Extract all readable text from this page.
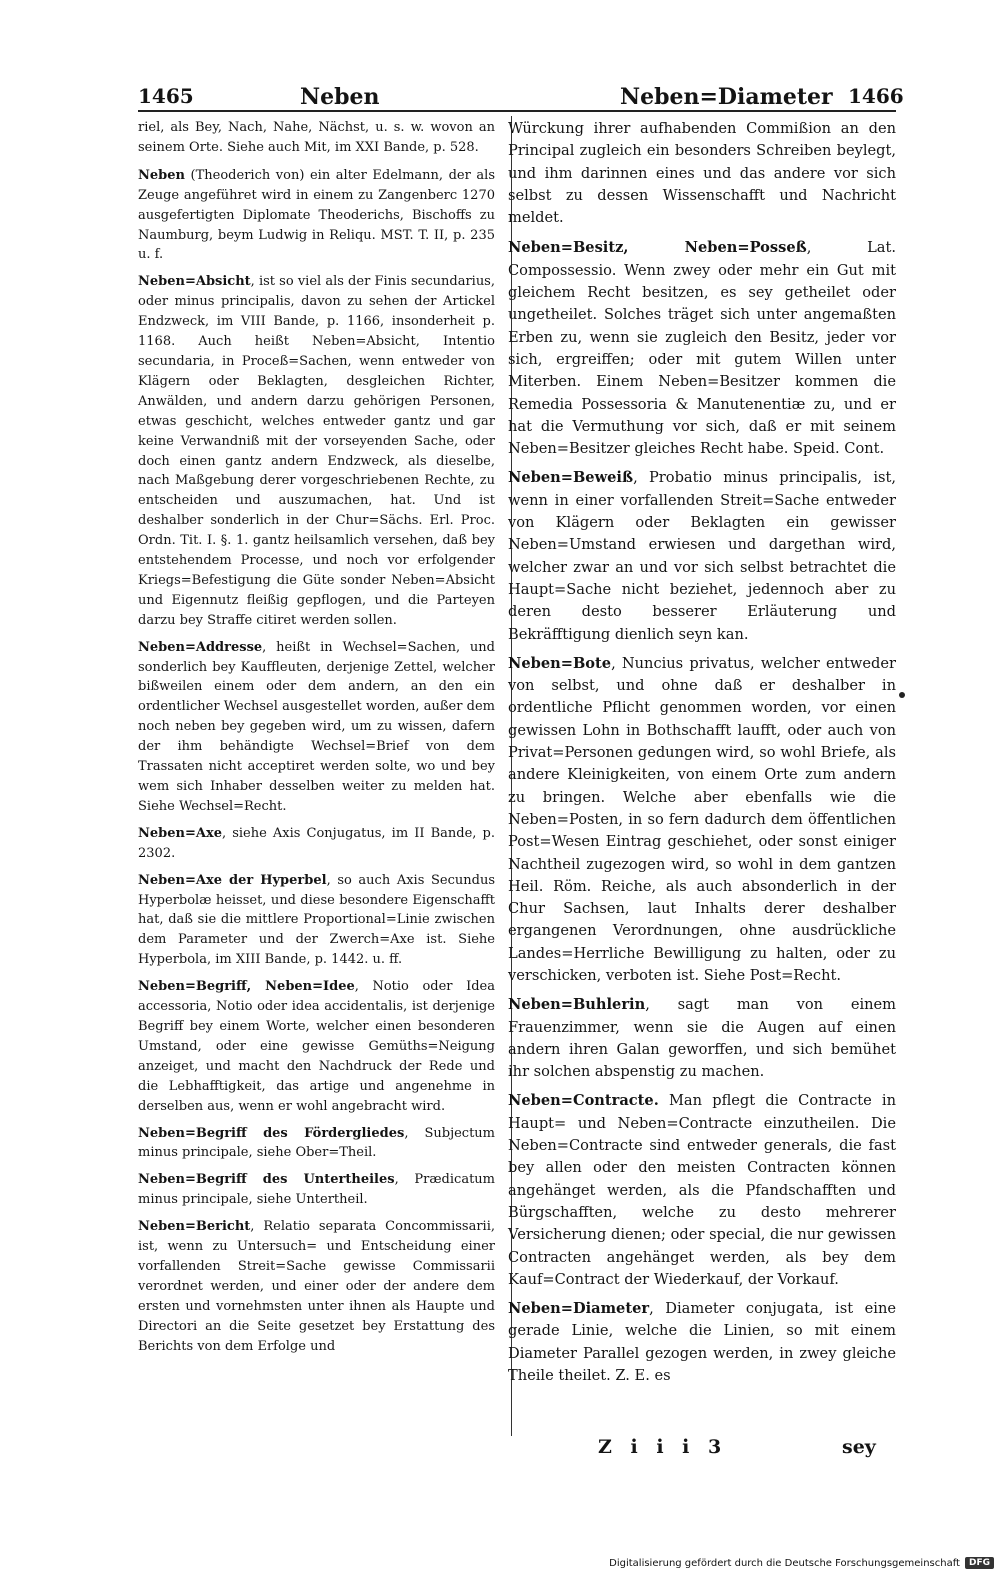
1465	Neben	Neben=Diameter 1466

riel, als Bey, Nach, Nahe, Nächst, u. s. w. wovon an seinem Orte. Siehe auch Mit, im XXI Bande, p. 528.

Neben (Theoderich von) ein alter Edelmann, der als Zeuge angeführet wird in einem zu Zangenberc 1270 ausgefertigten Diplomate Theoderichs, Bischoffs zu Naumburg, beym Ludwig in Reliqu. MST. T. II, p. 235 u. f.

Neben=Absicht, ist so viel als der Finis secundarius, oder minus principalis, davon zu sehen der Artickel Endzweck, im VIII Bande, p. 1166, insonderheit p. 1168. Auch heißt Neben=Absicht, Intentio secundaria, in Proceß=Sachen, wenn entweder von Klägern oder Beklagten, desgleichen Richter, Anwälden, und andern darzu gehörigen Personen, etwas geschicht, welches entweder gantz und gar keine Verwandniß mit der vorseyenden Sache, oder doch einen gantz andern Endzweck, als dieselbe, nach Maßgebung derer vorgeschriebenen Rechte, zu entscheiden und auszumachen, hat. Und ist deshalber sonderlich in der Chur=Sächs. Erl. Proc. Ordn. Tit. I. §. 1. gantz heilsamlich versehen, daß bey entstehendem Processe, und noch vor erfolgender Kriegs=Befestigung die Güte sonder Neben=Absicht und Eigennutz fleißig gepflogen, und die Parteyen darzu bey Straffe citiret werden sollen.

Neben=Addresse, heißt in Wechsel=Sachen, und sonderlich bey Kauffleuten, derjenige Zettel, welcher bißweilen einem oder dem andern, an den ein ordentlicher Wechsel ausgestellet worden, außer dem noch neben bey gegeben wird, um zu wissen, dafern der ihm behändigte Wechsel=Brief von dem Trassaten nicht acceptiret werden solte, wo und bey wem sich Inhaber desselben weiter zu melden hat. Siehe Wechsel=Recht.

Neben=Axe, siehe Axis Conjugatus, im II Bande, p. 2302.

Neben=Axe der Hyperbel, so auch Axis Secundus Hyperbolæ heisset, und diese besondere Eigenschafft hat, daß sie die mittlere Proportional=Linie zwischen dem Parameter und der Zwerch=Axe ist. Siehe Hyperbola, im XIII Bande, p. 1442. u. ff.

Neben=Begriff, Neben=Idee, Notio oder Idea accessoria, Notio oder idea accidentalis, ist derjenige Begriff bey einem Worte, welcher einen besonderen Umstand, oder eine gewisse Gemüths=Neigung anzeiget, und macht den Nachdruck der Rede und die Lebhafftigkeit, das artige und angenehme in derselben aus, wenn er wohl angebracht wird.

Neben=Begriff des Fördergliedes, Subjectum minus principale, siehe Ober=Theil.

Neben=Begriff des Untertheiles, Prædicatum minus principale, siehe Untertheil.

Neben=Bericht, Relatio separata Concommissarii, ist, wenn zu Untersuch= und Entscheidung einer vorfallenden Streit=Sache gewisse Commissarii verordnet werden, und einer oder der andere dem ersten und vornehmsten unter ihnen als Haupte und Directori an die Seite gesetzet bey Erstattung des Berichts von dem Erfolge und

Würckung ihrer aufhabenden Commißion an den Principal zugleich ein besonders Schreiben beylegt, und ihm darinnen eines und das andere vor sich selbst zu dessen Wissenschafft und Nachricht meldet.

Neben=Besitz, Neben=Posseß, Lat. Compossessio. Wenn zwey oder mehr ein Gut mit gleichem Recht besitzen, es sey getheilet oder ungetheilet. Solches träget sich unter angemaßten Erben zu, wenn sie zugleich den Besitz, jeder vor sich, ergreiffen; oder mit gutem Willen unter Miterben. Einem Neben=Besitzer kommen die Remedia Possessoria & Manutenentiæ zu, und er hat die Vermuthung vor sich, daß er mit seinem Neben=Besitzer gleiches Recht habe. Speid. Cont.

Neben=Beweiß, Probatio minus principalis, ist, wenn in einer vorfallenden Streit=Sache entweder von Klägern oder Beklagten ein gewisser Neben=Umstand erwiesen und dargethan wird, welcher zwar an und vor sich selbst betrachtet die Haupt=Sache nicht beziehet, jedennoch aber zu deren desto besserer Erläuterung und Bekräfftigung dienlich seyn kan.

Neben=Bote, Nuncius privatus, welcher entweder von selbst, und ohne daß er deshalber in ordentliche Pflicht genommen worden, vor einen gewissen Lohn in Bothschafft laufft, oder auch von Privat=Personen gedungen wird, so wohl Briefe, als andere Kleinigkeiten, von einem Orte zum andern zu bringen. Welche aber ebenfalls wie die Neben=Posten, in so fern dadurch dem öffentlichen Post=Wesen Eintrag geschiehet, oder sonst einiger Nachtheil zugezogen wird, so wohl in dem gantzen Heil. Röm. Reiche, als auch absonderlich in der Chur Sachsen, laut Inhalts derer deshalber ergangenen Verordnungen, ohne ausdrückliche Landes=Herrliche Bewilligung zu halten, oder zu verschicken, verboten ist. Siehe Post=Recht.

Neben=Buhlerin, sagt man von einem Frauenzimmer, wenn sie die Augen auf einen andern ihren Galan geworffen, und sich bemühet ihr solchen abspenstig zu machen.

Neben=Contracte. Man pflegt die Contracte in Haupt= und Neben=Contracte einzutheilen. Die Neben=Contracte sind entweder generals, die fast bey allen oder den meisten Contracten können angehänget werden, als die Pfandschafften und Bürgschafften, welche zu desto mehrerer Versicherung dienen; oder special, die nur gewissen Contracten angehänget werden, als bey dem Kauf=Contract der Wiederkauf, der Vorkauf.

Neben=Diameter, Diameter conjugata, ist eine gerade Linie, welche die Linien, so mit einem Diameter Parallel gezogen werden, in zwey gleiche Theile theilet. Z. E. es

Z i i i 3	sey
Digitalisierung gefördert durch die Deutsche Forschungsgemeinschaft	DFG
